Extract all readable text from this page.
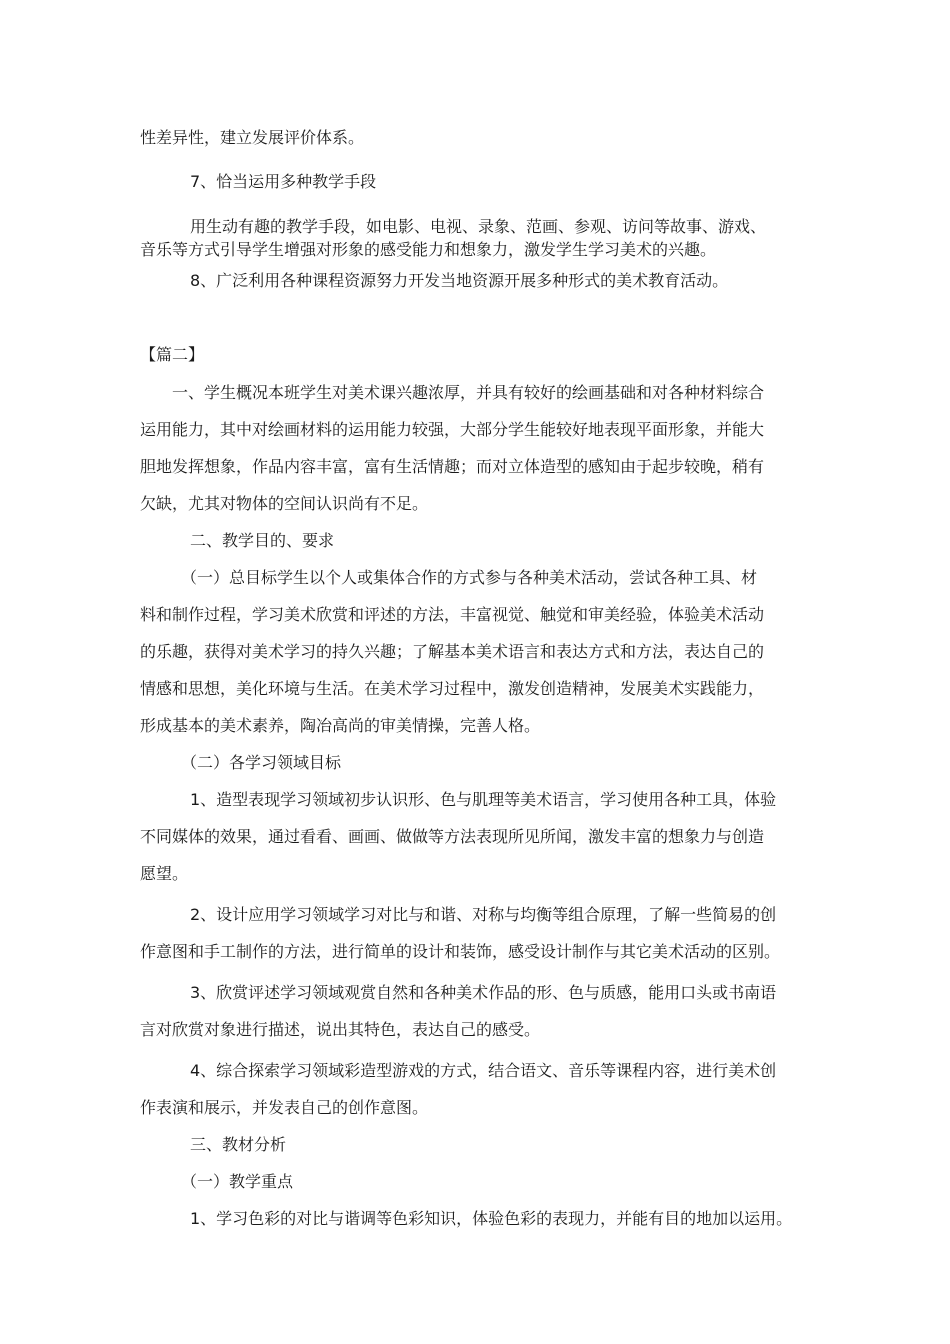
性差异性，建立发展评价体系。

7、恰当运用多种教学手段

用生动有趣的教学手段，如电影、电视、录象、范画、参观、访问等故事、游戏、

音乐等方式引导学生增强对形象的感受能力和想象力，激发学生学习美术的兴趣。

8、广泛利用各种课程资源努力开发当地资源开展多种形式的美术教育活动。

【篇二】

一、学生概况本班学生对美术课兴趣浓厚，并具有较好的绘画基础和对各种材料综合

运用能力，其中对绘画材料的运用能力较强，大部分学生能较好地表现平面形象，并能大

胆地发挥想象，作品内容丰富，富有生活情趣；而对立体造型的感知由于起步较晚，稍有

欠缺，尤其对物体的空间认识尚有不足。

二、教学目的、要求

（一）总目标学生以个人或集体合作的方式参与各种美术活动，尝试各种工具、材

料和制作过程，学习美术欣赏和评述的方法，丰富视觉、触觉和审美经验，体验美术活动

的乐趣，获得对美术学习的持久兴趣；了解基本美术语言和表达方式和方法，表达自己的

情感和思想，美化环境与生活。在美术学习过程中，激发创造精神，发展美术实践能力，

形成基本的美术素养，陶冶高尚的审美情操，完善人格。

（二）各学习领域目标

1、造型表现学习领域初步认识形、色与肌理等美术语言，学习使用各种工具，体验

不同媒体的效果，通过看看、画画、做做等方法表现所见所闻，激发丰富的想象力与创造

愿望。

2、设计应用学习领域学习对比与和谐、对称与均衡等组合原理，了解一些简易的创

作意图和手工制作的方法，进行简单的设计和装饰，感受设计制作与其它美术活动的区别。

3、欣赏评述学习领域观赏自然和各种美术作品的形、色与质感，能用口头或书南语

言对欣赏对象进行描述，说出其特色，表达自己的感受。

4、综合探索学习领域彩造型游戏的方式，结合语文、音乐等课程内容，进行美术创

作表演和展示，并发表自己的创作意图。

三、教材分析

（一）教学重点

1、学习色彩的对比与谐调等色彩知识，体验色彩的表现力，并能有目的地加以运用。
